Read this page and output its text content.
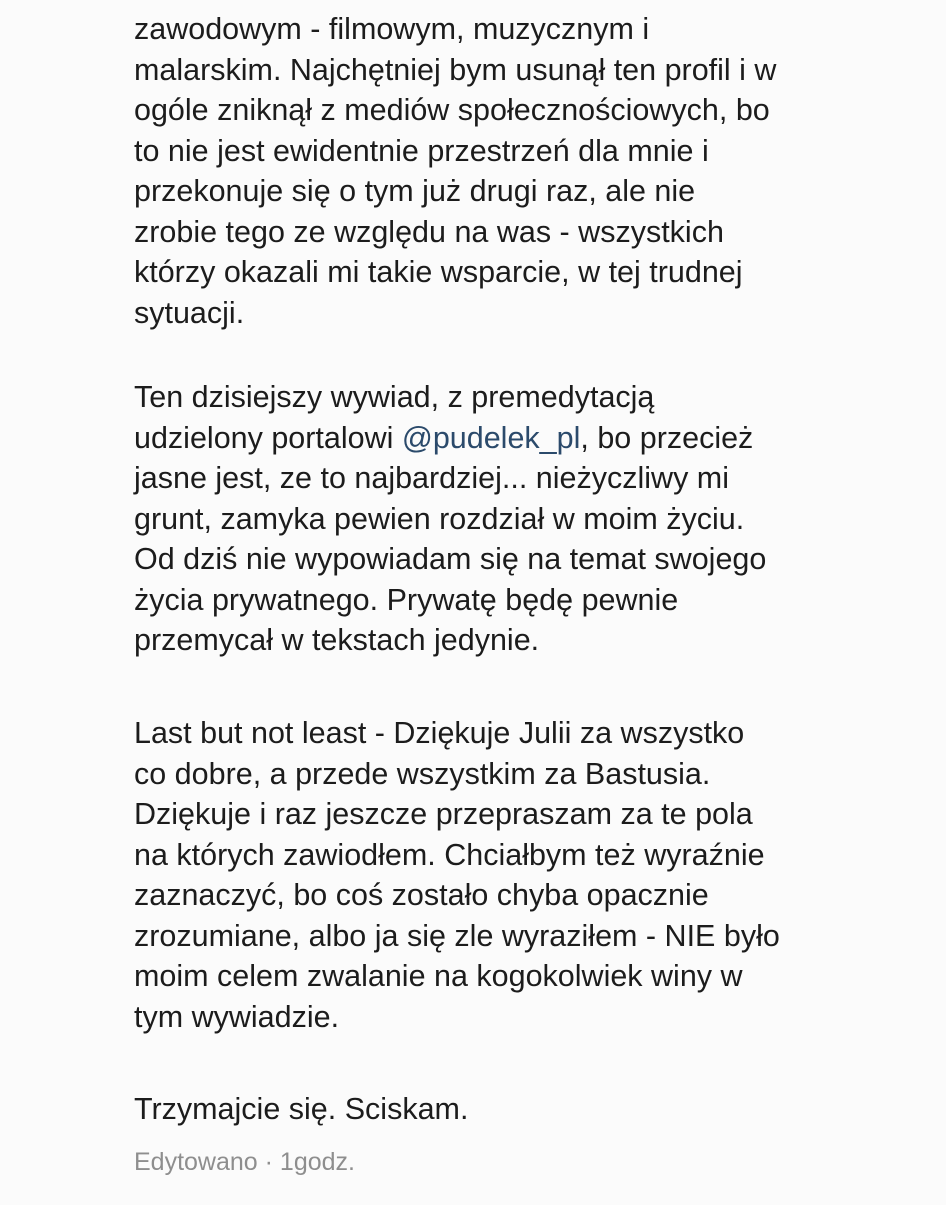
zawodowym - filmowym, muzycznym i
malarskim. Najchętniej bym usunął ten profil i w
ogóle zniknął z mediów społecznościowych, bo
to nie jest ewidentnie przestrzeń dla mnie i
przekonuje się o tym już drugi raz, ale nie
zrobie tego ze względu na was - wszystkich
którzy okazali mi takie wsparcie, w tej trudnej
sytuacji.

Ten dzisiejszy wywiad, z premedytacją
udzielony portalowi @pudelek_pl, bo przecież
jasne jest, ze to najbardziej... nieżyczliwy mi
grunt, zamyka pewien rozdział w moim życiu.
Od dziś nie wypowiadam się na temat swojego
życia prywatnego. Prywatę będę pewnie
przemycał w tekstach jedynie.

Last but not least - Dziękuje Julii za wszystko
co dobre, a przede wszystkim za Bastusia.
Dziękuje i raz jeszcze przepraszam za te pola
na których zawiodłem. Chciałbym też wyraźnie
zaznaczyć, bo coś zostało chyba opacznie
zrozumiane, albo ja się zle wyraziłem - NIE było
moim celem zwalanie na kogokolwiek winy w
tym wywiadzie.

Trzymajcie się. Sciskam.

Edytowano · 1godz.
